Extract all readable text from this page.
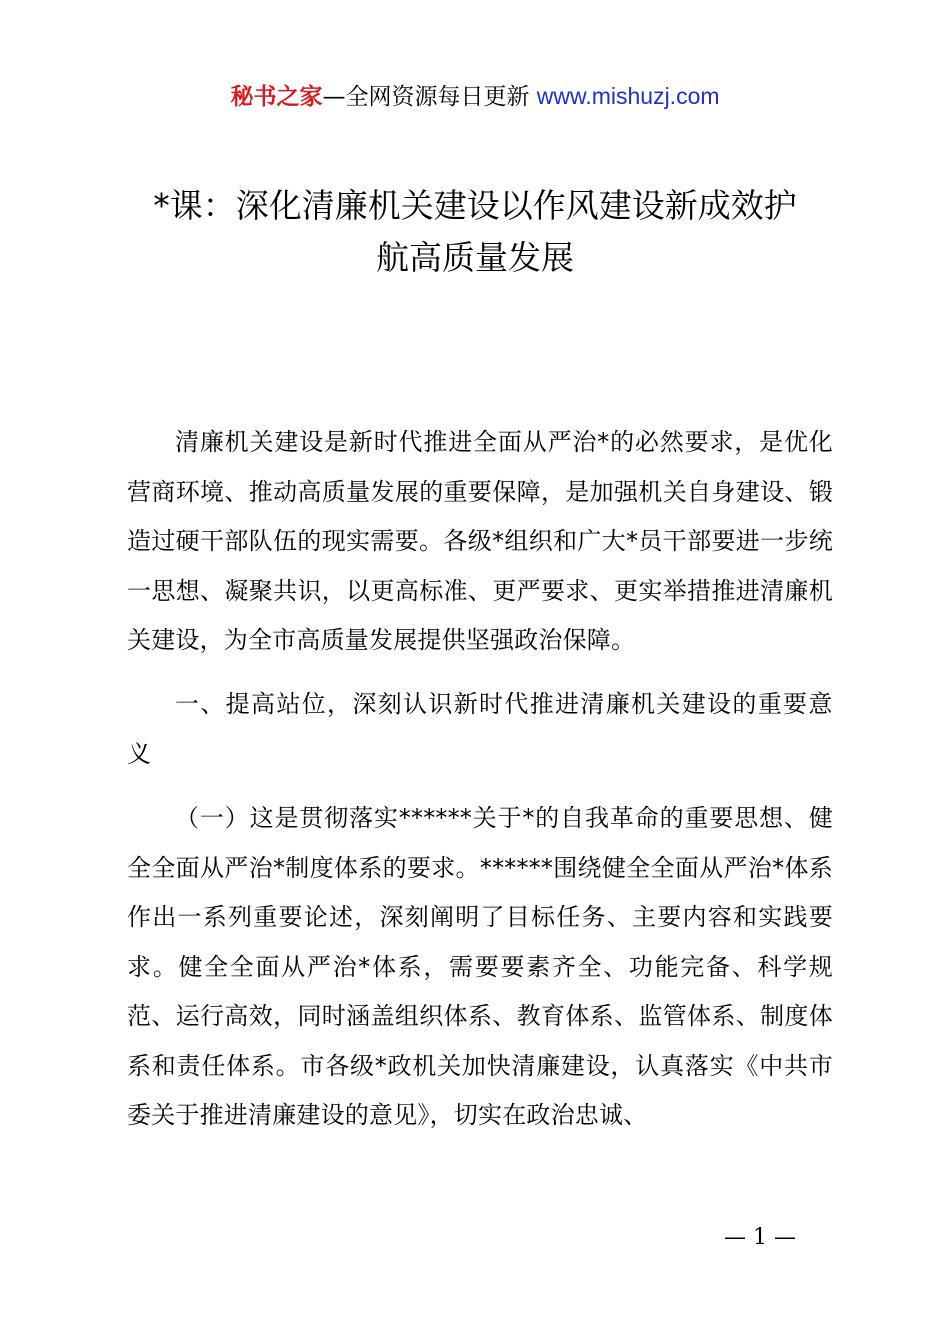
秘书之家—全网资源每日更新 www.mishuzj.com
*课：深化清廉机关建设以作风建设新成效护
航高质量发展

清廉机关建设是新时代推进全面从严治*的必然要求，是优化营商环境、推动高质量发展的重要保障，是加强机关自身建设、锻造过硬干部队伍的现实需要。各级*组织和广大*员干部要进一步统一思想、凝聚共识，以更高标准、更严要求、更实举措推进清廉机关建设，为全市高质量发展提供坚强政治保障。

一、提高站位，深刻认识新时代推进清廉机关建设的重要意义

（一）这是贯彻落实******关于*的自我革命的重要思想、健全全面从严治*制度体系的要求。******围绕健全全面从严治*体系作出一系列重要论述，深刻阐明了目标任务、主要内容和实践要求。健全全面从严治*体系，需要要素齐全、功能完备、科学规范、运行高效，同时涵盖组织体系、教育体系、监管体系、制度体系和责任体系。市各级*政机关加快清廉建设，认真落实《中共市委关于推进清廉建设的意见》，切实在政治忠诚、

— 1 —
